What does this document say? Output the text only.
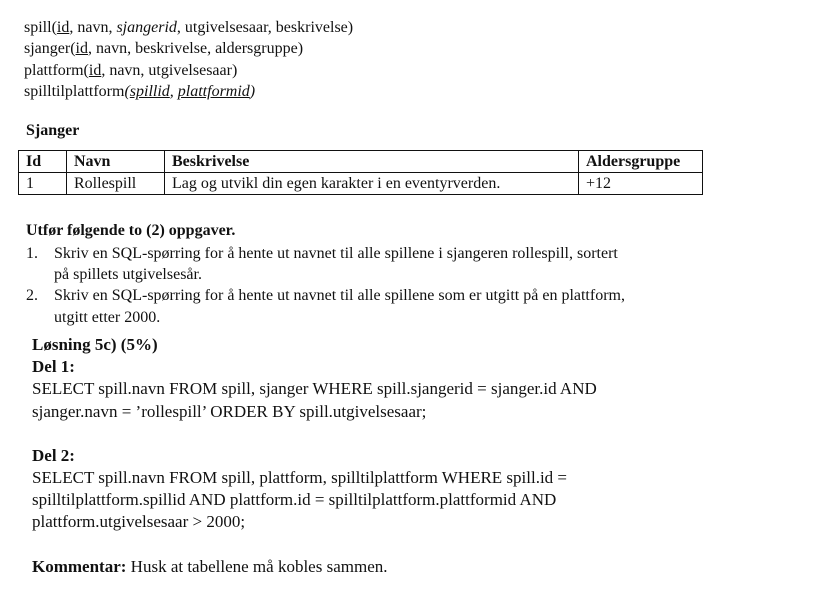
spill(id, navn, sjangerid, utgivelsesaar, beskrivelse)
sjanger(id, navn, beskrivelse, aldersgruppe)
plattform(id, navn, utgivelsesaar)
spilltilplattform(spillid, plattformid)
Sjanger
Id	Navn	Beskrivelse	Aldersgruppe
1	Rollespill	Lag og utvikl din egen karakter i en eventyrverden.	+12
Utfør følgende to (2) oppgaver.
1. Skriv en SQL-spørring for å hente ut navnet til alle spillene i sjangeren rollespill, sortert
på spillets utgivelsesår.
2. Skriv en SQL-spørring for å hente ut navnet til alle spillene som er utgitt på en plattform,
utgitt etter 2000.
Løsning 5c) (5%)
Del 1:
SELECT spill.navn FROM spill, sjanger WHERE spill.sjangerid = sjanger.id AND
sjanger.navn = ’rollespill’ ORDER BY spill.utgivelsesaar;
Del 2:
SELECT spill.navn FROM spill, plattform, spilltilplattform WHERE spill.id =
spilltilplattform.spillid AND plattform.id = spilltilplattform.plattformid AND
plattform.utgivelsesaar > 2000;
Kommentar: Husk at tabellene må kobles sammen.
